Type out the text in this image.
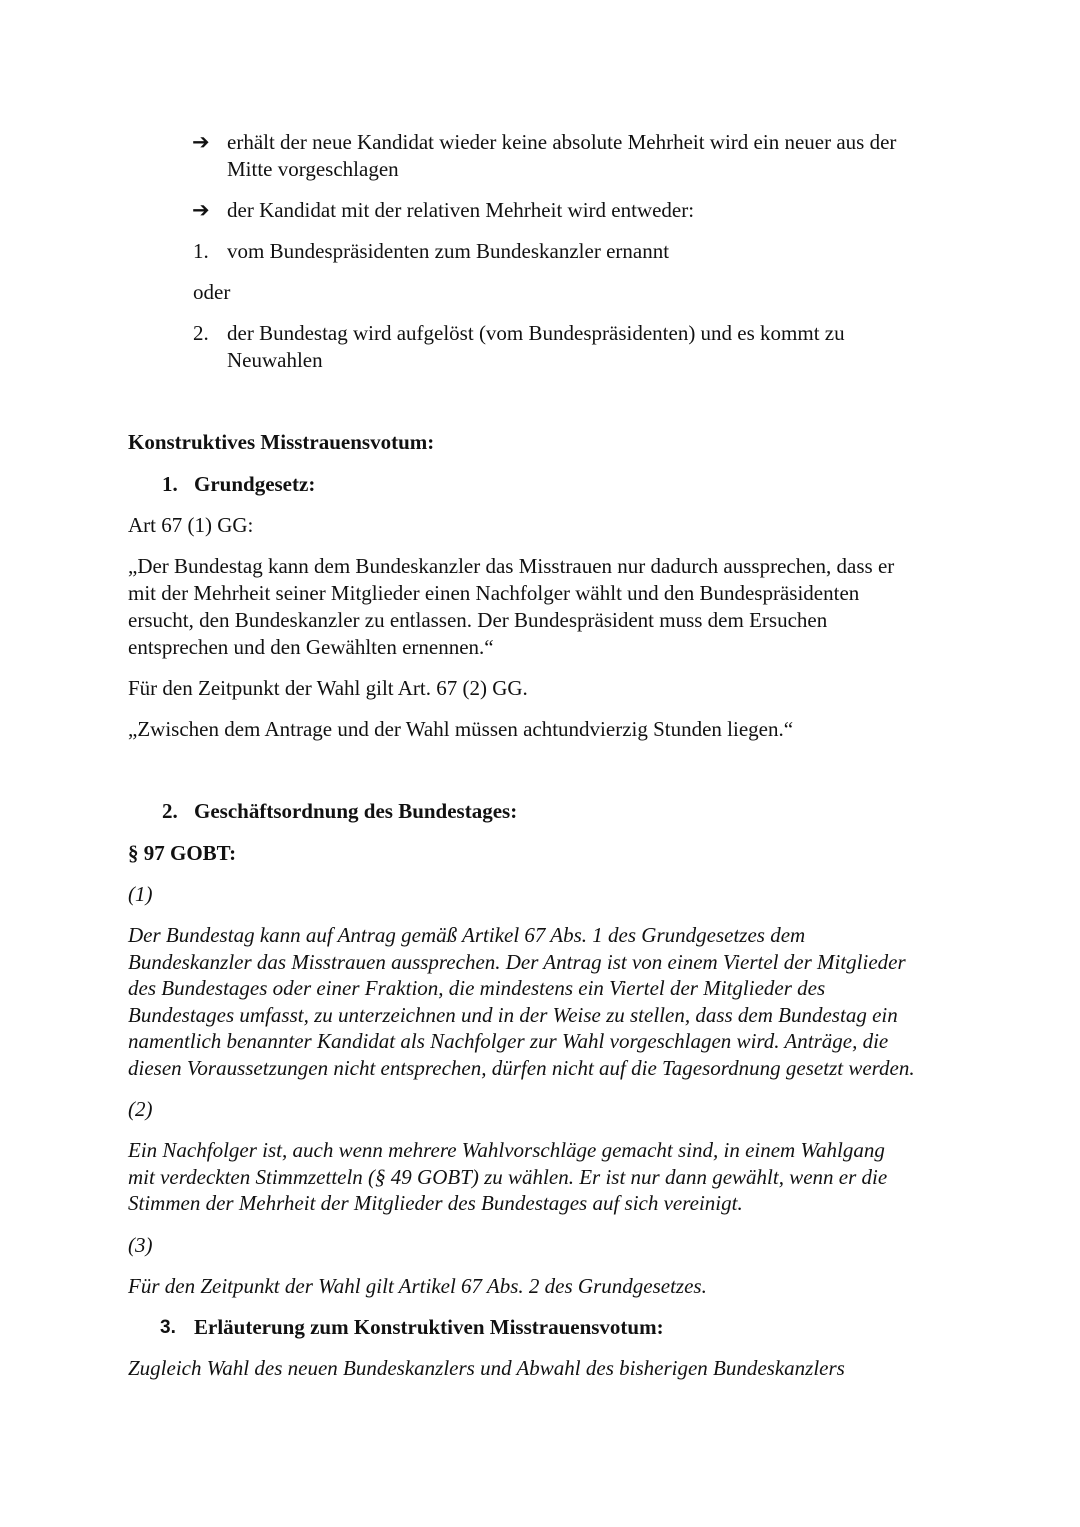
➔ erhält der neue Kandidat wieder keine absolute Mehrheit wird ein neuer aus der
Mitte vorgeschlagen
➔ der Kandidat mit der relativen Mehrheit wird entweder:
1. vom Bundespräsidenten zum Bundeskanzler ernannt
oder
2. der Bundestag wird aufgelöst (vom Bundespräsidenten) und es kommt zu
Neuwahlen
Konstruktives Misstrauensvotum:
1. Grundgesetz:
Art 67 (1) GG:
„Der Bundestag kann dem Bundeskanzler das Misstrauen nur dadurch aussprechen, dass er
mit der Mehrheit seiner Mitglieder einen Nachfolger wählt und den Bundespräsidenten
ersucht, den Bundeskanzler zu entlassen. Der Bundespräsident muss dem Ersuchen
entsprechen und den Gewählten ernennen.“
Für den Zeitpunkt der Wahl gilt Art. 67 (2) GG.
„Zwischen dem Antrage und der Wahl müssen achtundvierzig Stunden liegen.“
2. Geschäftsordnung des Bundestages:
§ 97 GOBT:
(1)
Der Bundestag kann auf Antrag gemäß Artikel 67 Abs. 1 des Grundgesetzes dem
Bundeskanzler das Misstrauen aussprechen. Der Antrag ist von einem Viertel der Mitglieder
des Bundestages oder einer Fraktion, die mindestens ein Viertel der Mitglieder des
Bundestages umfasst, zu unterzeichnen und in der Weise zu stellen, dass dem Bundestag ein
namentlich benannter Kandidat als Nachfolger zur Wahl vorgeschlagen wird. Anträge, die
diesen Voraussetzungen nicht entsprechen, dürfen nicht auf die Tagesordnung gesetzt werden.
(2)
Ein Nachfolger ist, auch wenn mehrere Wahlvorschläge gemacht sind, in einem Wahlgang
mit verdeckten Stimmzetteln (§ 49 GOBT) zu wählen. Er ist nur dann gewählt, wenn er die
Stimmen der Mehrheit der Mitglieder des Bundestages auf sich vereinigt.
(3)
Für den Zeitpunkt der Wahl gilt Artikel 67 Abs. 2 des Grundgesetzes.
3. Erläuterung zum Konstruktiven Misstrauensvotum:
Zugleich Wahl des neuen Bundeskanzlers und Abwahl des bisherigen Bundeskanzlers
